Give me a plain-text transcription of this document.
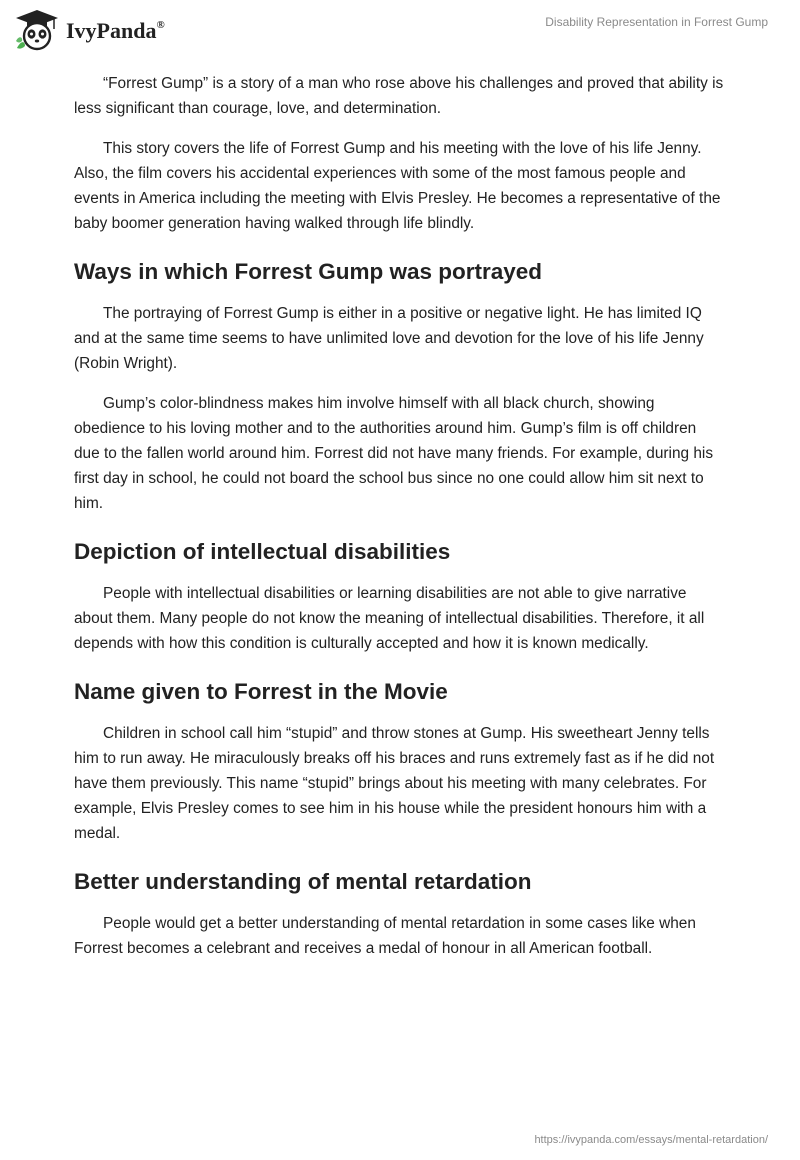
IvyPanda®	Disability Representation in Forrest Gump

“Forrest Gump” is a story of a man who rose above his challenges and proved that ability is less significant than courage, love, and determination.

This story covers the life of Forrest Gump and his meeting with the love of his life Jenny. Also, the film covers his accidental experiences with some of the most famous people and events in America including the meeting with Elvis Presley. He becomes a representative of the baby boomer generation having walked through life blindly.

Ways in which Forrest Gump was portrayed

The portraying of Forrest Gump is either in a positive or negative light. He has limited IQ and at the same time seems to have unlimited love and devotion for the love of his life Jenny (Robin Wright).

Gump’s color-blindness makes him involve himself with all black church, showing obedience to his loving mother and to the authorities around him. Gump’s film is off children due to the fallen world around him. Forrest did not have many friends. For example, during his first day in school, he could not board the school bus since no one could allow him sit next to him.

Depiction of intellectual disabilities

People with intellectual disabilities or learning disabilities are not able to give narrative about them. Many people do not know the meaning of intellectual disabilities. Therefore, it all depends with how this condition is culturally accepted and how it is known medically.

Name given to Forrest in the Movie

Children in school call him “stupid” and throw stones at Gump. His sweetheart Jenny tells him to run away. He miraculously breaks off his braces and runs extremely fast as if he did not have them previously. This name “stupid” brings about his meeting with many celebrates. For example, Elvis Presley comes to see him in his house while the president honours him with a medal.

Better understanding of mental retardation

People would get a better understanding of mental retardation in some cases like when Forrest becomes a celebrant and receives a medal of honour in all American football.

https://ivypanda.com/essays/mental-retardation/
